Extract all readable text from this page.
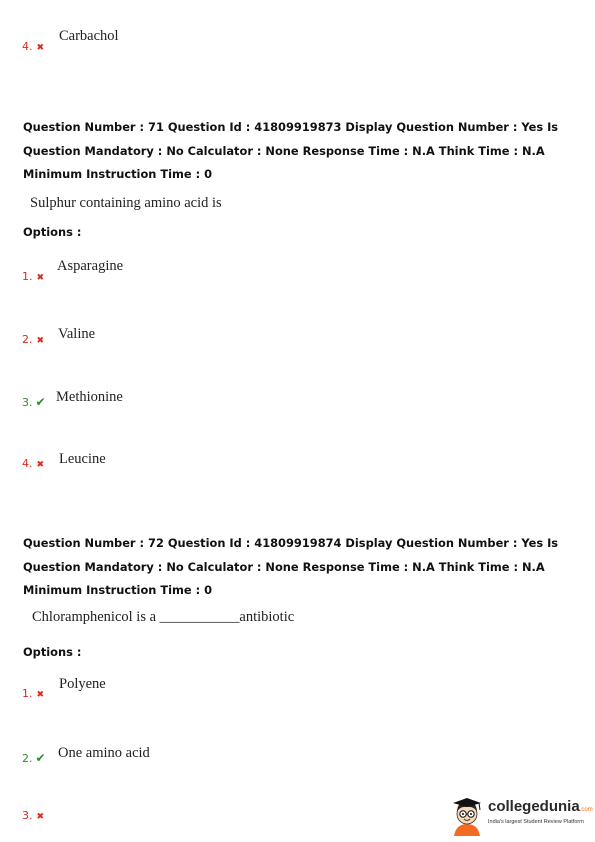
4. ✖
Carbachol
Question Number : 71 Question Id : 41809919873 Display Question Number : Yes Is Question Mandatory : No Calculator : None Response Time : N.A Think Time : N.A Minimum Instruction Time : 0
Sulphur containing amino acid is
Options :
1. ✖
Asparagine
2. ✖ Valine
3. ✔ Methionine
4. ✖ Leucine
Question Number : 72 Question Id : 41809919874 Display Question Number : Yes Is Question Mandatory : No Calculator : None Response Time : N.A Think Time : N.A Minimum Instruction Time : 0
Chloramphenicol is a ___________antibiotic
Options :
1. ✖
Polyene
2. ✔ One amino acid
3. ✖
collegedunia.com
India's largest Student Review Platform
